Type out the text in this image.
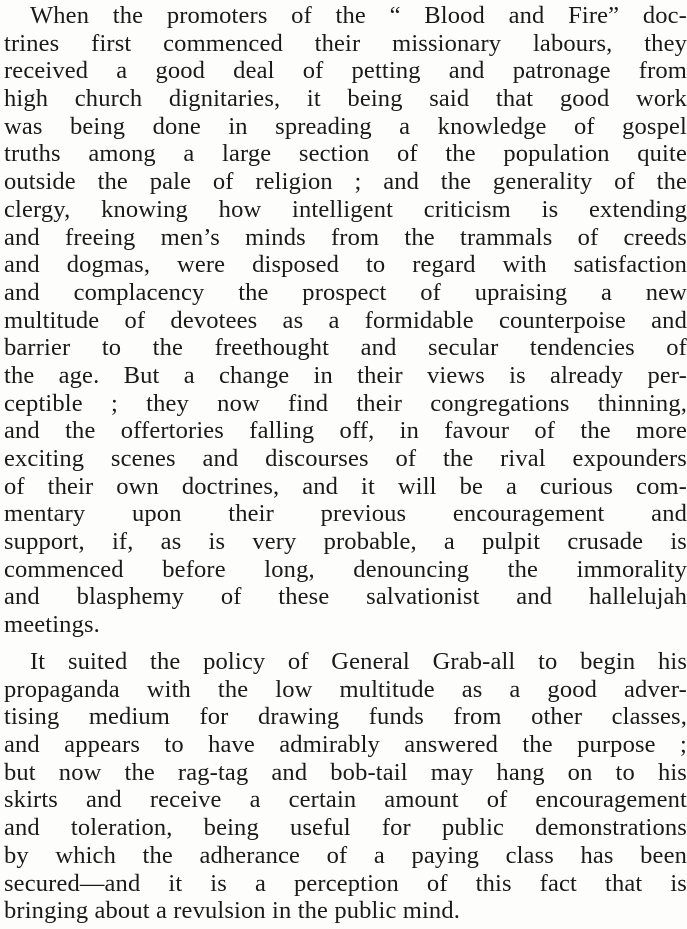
When the promoters of the “ Blood and Fire” doc-
trines first commenced their missionary labours, they
received a good deal of petting and patronage from
high church dignitaries, it being said that good work
was being done in spreading a knowledge of gospel
truths among a large section of the population quite
outside the pale of religion ; and the generality of the
clergy, knowing how intelligent criticism is extending
and freeing men’s minds from the trammals of creeds
and dogmas, were disposed to regard with satisfaction
and complacency the prospect of upraising a new
multitude of devotees as a formidable counterpoise and
barrier to the freethought and secular tendencies of
the age. But a change in their views is already per-
ceptible ; they now find their congregations thinning,
and the offertories falling off, in favour of the more
exciting scenes and discourses of the rival expounders
of their own doctrines, and it will be a curious com-
mentary upon their previous encouragement and
support, if, as is very probable, a pulpit crusade is
commenced before long, denouncing the immorality
and blasphemy of these salvationist and hallelujah
meetings.
It suited the policy of General Grab-all to begin his
propaganda with the low multitude as a good adver-
tising medium for drawing funds from other classes,
and appears to have admirably answered the purpose ;
but now the rag-tag and bob-tail may hang on to his
skirts and receive a certain amount of encouragement
and toleration, being useful for public demonstrations
by which the adherance of a paying class has been
secured—and it is a perception of this fact that is
bringing about a revulsion in the public mind.
